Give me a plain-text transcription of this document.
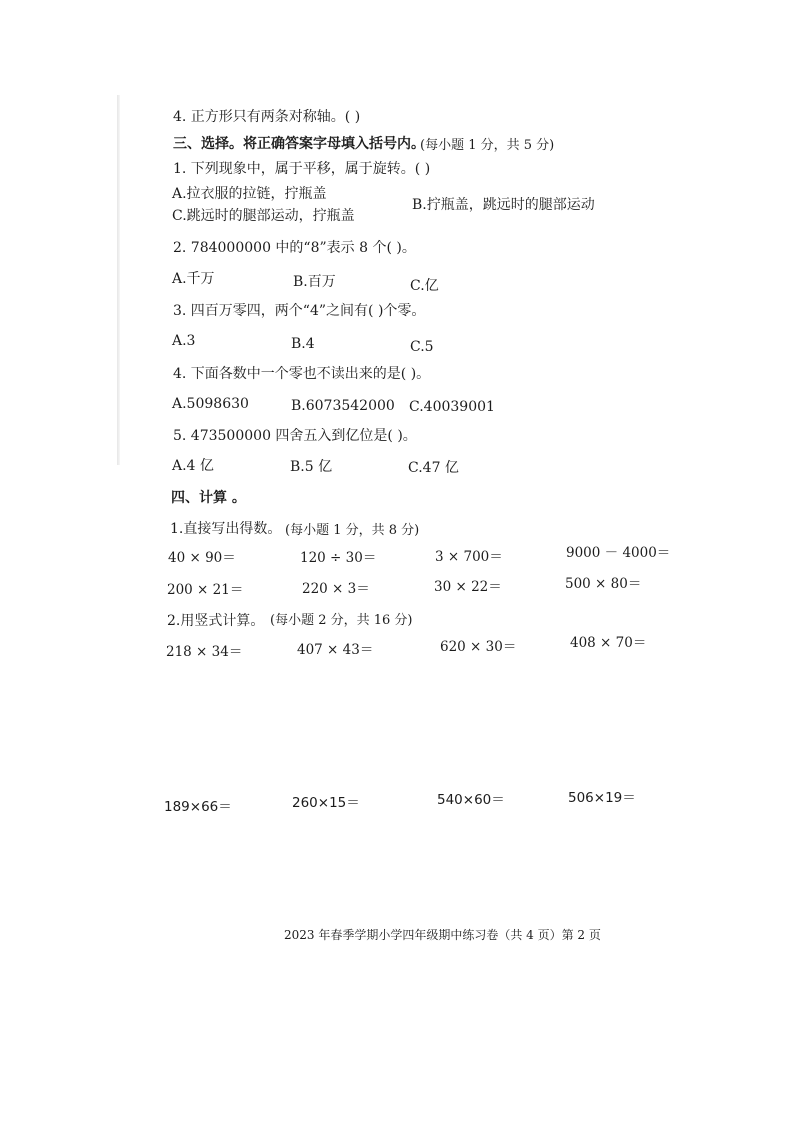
4. 正方形只有两条对称轴。( )
三、选择。将正确答案字母填入括号内。
(每小题 1 分，共 5 分)
1. 下列现象中，属于平移，属于旋转。( )
A.拉衣服的拉链，拧瓶盖
B.拧瓶盖，跳远时的腿部运动
C.跳远时的腿部运动，拧瓶盖
2. 784000000 中的“8”表示 8 个( )。
A.千万	B.百万	C.亿
3. 四百万零四，两个“4”之间有( )个零。
A.3	B.4	C.5
4. 下面各数中一个零也不读出来的是( )。
A.5098630	B.6073542000 C.40039001
5. 473500000 四舍五入到亿位是( )。
A.4 亿	B.5 亿	C.47 亿
四、计算 。
1.直接写出得数。 (每小题 1 分，共 8 分)
40 × 90＝	120 ÷ 30＝	3 × 700＝	9000 － 4000＝
200 × 21＝	220 × 3＝	30 × 22＝	500 × 80＝
2.用竖式计算。 (每小题 2 分，共 16 分)
218 × 34＝	407 × 43＝	620 × 30＝	408 × 70＝
189×66＝	260×15＝	540×60＝	506×19＝
2023 年春季学期小学四年级期中练习卷（共 4 页）第 2 页
